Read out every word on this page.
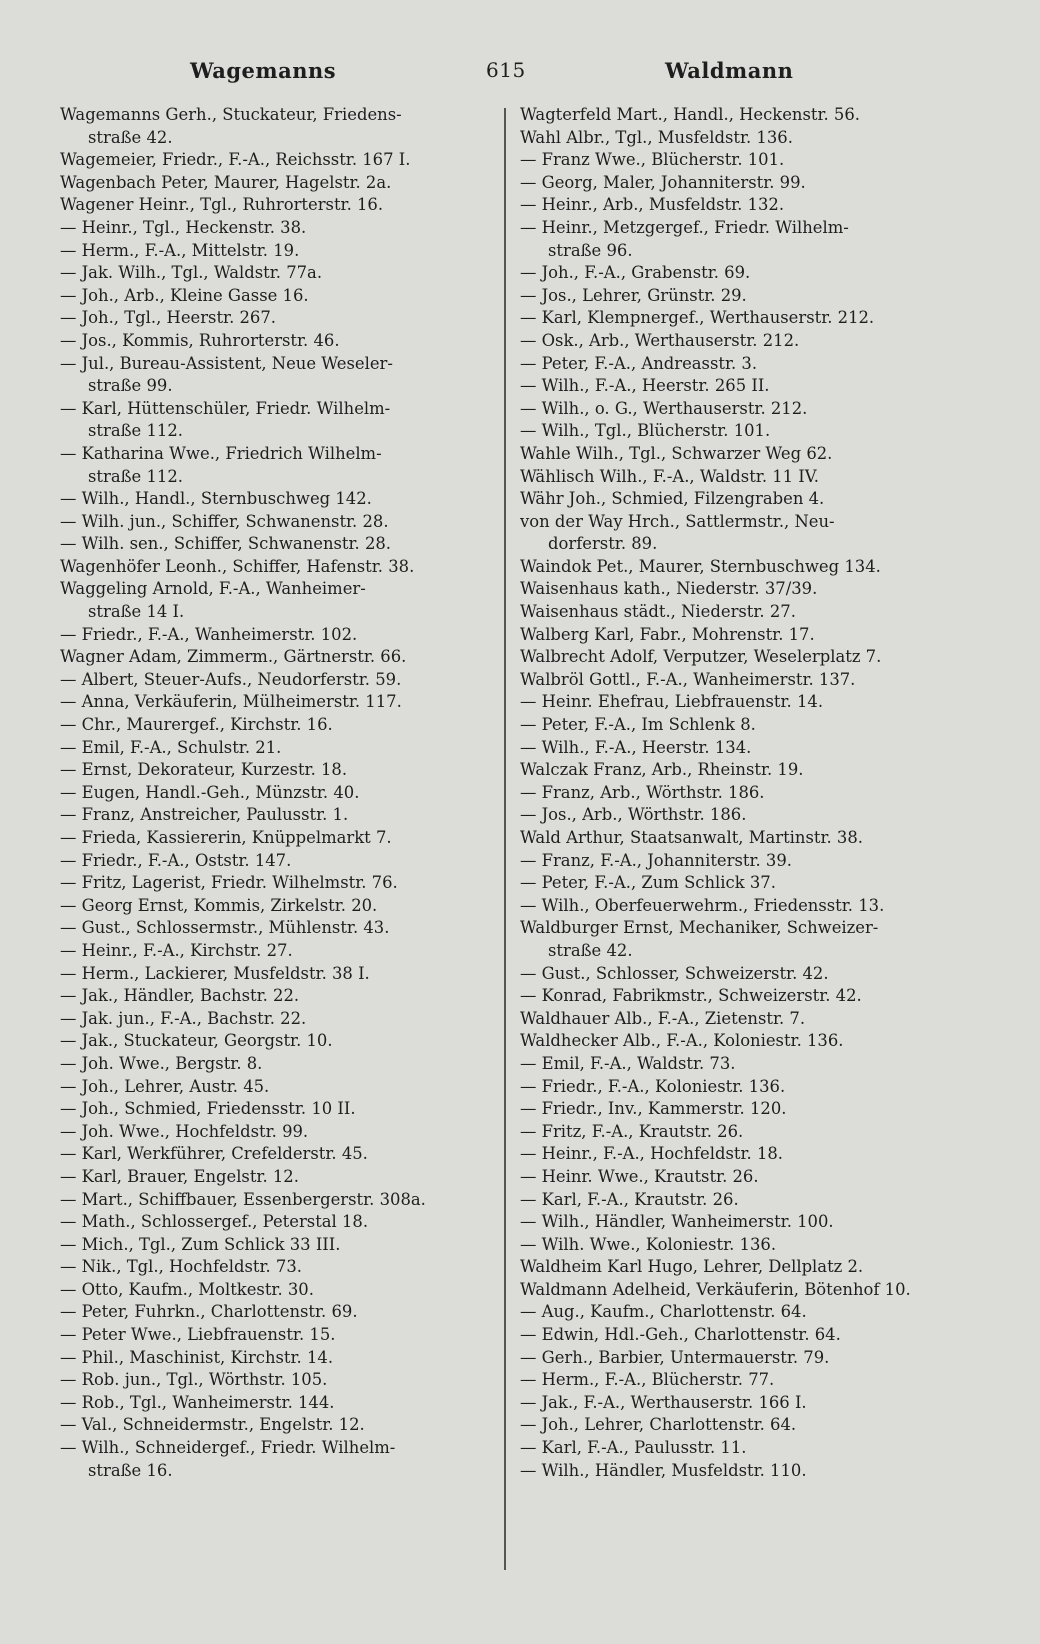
Wagemanns	615	Waldmann
Wagemanns Gerh., Stuckateur, Friedens-
straße 42.
Wagemeier, Friedr., F.-A., Reichsstr. 167 I.
Wagenbach Peter, Maurer, Hagelstr. 2a.
Wagener Heinr., Tgl., Ruhrorterstr. 16.
— Heinr., Tgl., Heckenstr. 38.
— Herm., F.-A., Mittelstr. 19.
— Jak. Wilh., Tgl., Waldstr. 77a.
— Joh., Arb., Kleine Gasse 16.
— Joh., Tgl., Heerstr. 267.
— Jos., Kommis, Ruhrorterstr. 46.
— Jul., Bureau-Assistent, Neue Weseler-
straße 99.
— Karl, Hüttenschüler, Friedr. Wilhelm-
straße 112.
— Katharina Wwe., Friedrich Wilhelm-
straße 112.
— Wilh., Handl., Sternbuschweg 142.
— Wilh. jun., Schiffer, Schwanenstr. 28.
— Wilh. sen., Schiffer, Schwanenstr. 28.
Wagenhöfer Leonh., Schiffer, Hafenstr. 38.
Waggeling Arnold, F.-A., Wanheimer-
straße 14 I.
— Friedr., F.-A., Wanheimerstr. 102.
Wagner Adam, Zimmerm., Gärtnerstr. 66.
— Albert, Steuer-Aufs., Neudorferstr. 59.
— Anna, Verkäuferin, Mülheimerstr. 117.
— Chr., Maurergef., Kirchstr. 16.
— Emil, F.-A., Schulstr. 21.
— Ernst, Dekorateur, Kurzestr. 18.
— Eugen, Handl.-Geh., Münzstr. 40.
— Franz, Anstreicher, Paulusstr. 1.
— Frieda, Kassiererin, Knüppelmarkt 7.
— Friedr., F.-A., Oststr. 147.
— Fritz, Lagerist, Friedr. Wilhelmstr. 76.
— Georg Ernst, Kommis, Zirkelstr. 20.
— Gust., Schlossermstr., Mühlenstr. 43.
— Heinr., F.-A., Kirchstr. 27.
— Herm., Lackierer, Musfeldstr. 38 I.
— Jak., Händler, Bachstr. 22.
— Jak. jun., F.-A., Bachstr. 22.
— Jak., Stuckateur, Georgstr. 10.
— Joh. Wwe., Bergstr. 8.
— Joh., Lehrer, Austr. 45.
— Joh., Schmied, Friedensstr. 10 II.
— Joh. Wwe., Hochfeldstr. 99.
— Karl, Werkführer, Crefelderstr. 45.
— Karl, Brauer, Engelstr. 12.
— Mart., Schiffbauer, Essenbergerstr. 308a.
— Math., Schlossergef., Peterstal 18.
— Mich., Tgl., Zum Schlick 33 III.
— Nik., Tgl., Hochfeldstr. 73.
— Otto, Kaufm., Moltkestr. 30.
— Peter, Fuhrkn., Charlottenstr. 69.
— Peter Wwe., Liebfrauenstr. 15.
— Phil., Maschinist, Kirchstr. 14.
— Rob. jun., Tgl., Wörthstr. 105.
— Rob., Tgl., Wanheimerstr. 144.
— Val., Schneidermstr., Engelstr. 12.
— Wilh., Schneidergef., Friedr. Wilhelm-
straße 16.
Wagterfeld Mart., Handl., Heckenstr. 56.
Wahl Albr., Tgl., Musfeldstr. 136.
— Franz Wwe., Blücherstr. 101.
— Georg, Maler, Johanniterstr. 99.
— Heinr., Arb., Musfeldstr. 132.
— Heinr., Metzgergef., Friedr. Wilhelm-
straße 96.
— Joh., F.-A., Grabenstr. 69.
— Jos., Lehrer, Grünstr. 29.
— Karl, Klempnergef., Werthauserstr. 212.
— Osk., Arb., Werthauserstr. 212.
— Peter, F.-A., Andreasstr. 3.
— Wilh., F.-A., Heerstr. 265 II.
— Wilh., o. G., Werthauserstr. 212.
— Wilh., Tgl., Blücherstr. 101.
Wahle Wilh., Tgl., Schwarzer Weg 62.
Wählisch Wilh., F.-A., Waldstr. 11 IV.
Währ Joh., Schmied, Filzengraben 4.
von der Way Hrch., Sattlermstr., Neu-
dorferstr. 89.
Waindok Pet., Maurer, Sternbuschweg 134.
Waisenhaus kath., Niederstr. 37/39.
Waisenhaus städt., Niederstr. 27.
Walberg Karl, Fabr., Mohrenstr. 17.
Walbrecht Adolf, Verputzer, Weselerplatz 7.
Walbröl Gottl., F.-A., Wanheimerstr. 137.
— Heinr. Ehefrau, Liebfrauenstr. 14.
— Peter, F.-A., Im Schlenk 8.
— Wilh., F.-A., Heerstr. 134.
Walczak Franz, Arb., Rheinstr. 19.
— Franz, Arb., Wörthstr. 186.
— Jos., Arb., Wörthstr. 186.
Wald Arthur, Staatsanwalt, Martinstr. 38.
— Franz, F.-A., Johanniterstr. 39.
— Peter, F.-A., Zum Schlick 37.
— Wilh., Oberfeuerwehrm., Friedensstr. 13.
Waldburger Ernst, Mechaniker, Schweizer-
straße 42.
— Gust., Schlosser, Schweizerstr. 42.
— Konrad, Fabrikmstr., Schweizerstr. 42.
Waldhauer Alb., F.-A., Zietenstr. 7.
Waldhecker Alb., F.-A., Koloniestr. 136.
— Emil, F.-A., Waldstr. 73.
— Friedr., F.-A., Koloniestr. 136.
— Friedr., Inv., Kammerstr. 120.
— Fritz, F.-A., Krautstr. 26.
— Heinr., F.-A., Hochfeldstr. 18.
— Heinr. Wwe., Krautstr. 26.
— Karl, F.-A., Krautstr. 26.
— Wilh., Händler, Wanheimerstr. 100.
— Wilh. Wwe., Koloniestr. 136.
Waldheim Karl Hugo, Lehrer, Dellplatz 2.
Waldmann Adelheid, Verkäuferin, Bötenhof 10.
— Aug., Kaufm., Charlottenstr. 64.
— Edwin, Hdl.-Geh., Charlottenstr. 64.
— Gerh., Barbier, Untermauerstr. 79.
— Herm., F.-A., Blücherstr. 77.
— Jak., F.-A., Werthauserstr. 166 I.
— Joh., Lehrer, Charlottenstr. 64.
— Karl, F.-A., Paulusstr. 11.
— Wilh., Händler, Musfeldstr. 110.
